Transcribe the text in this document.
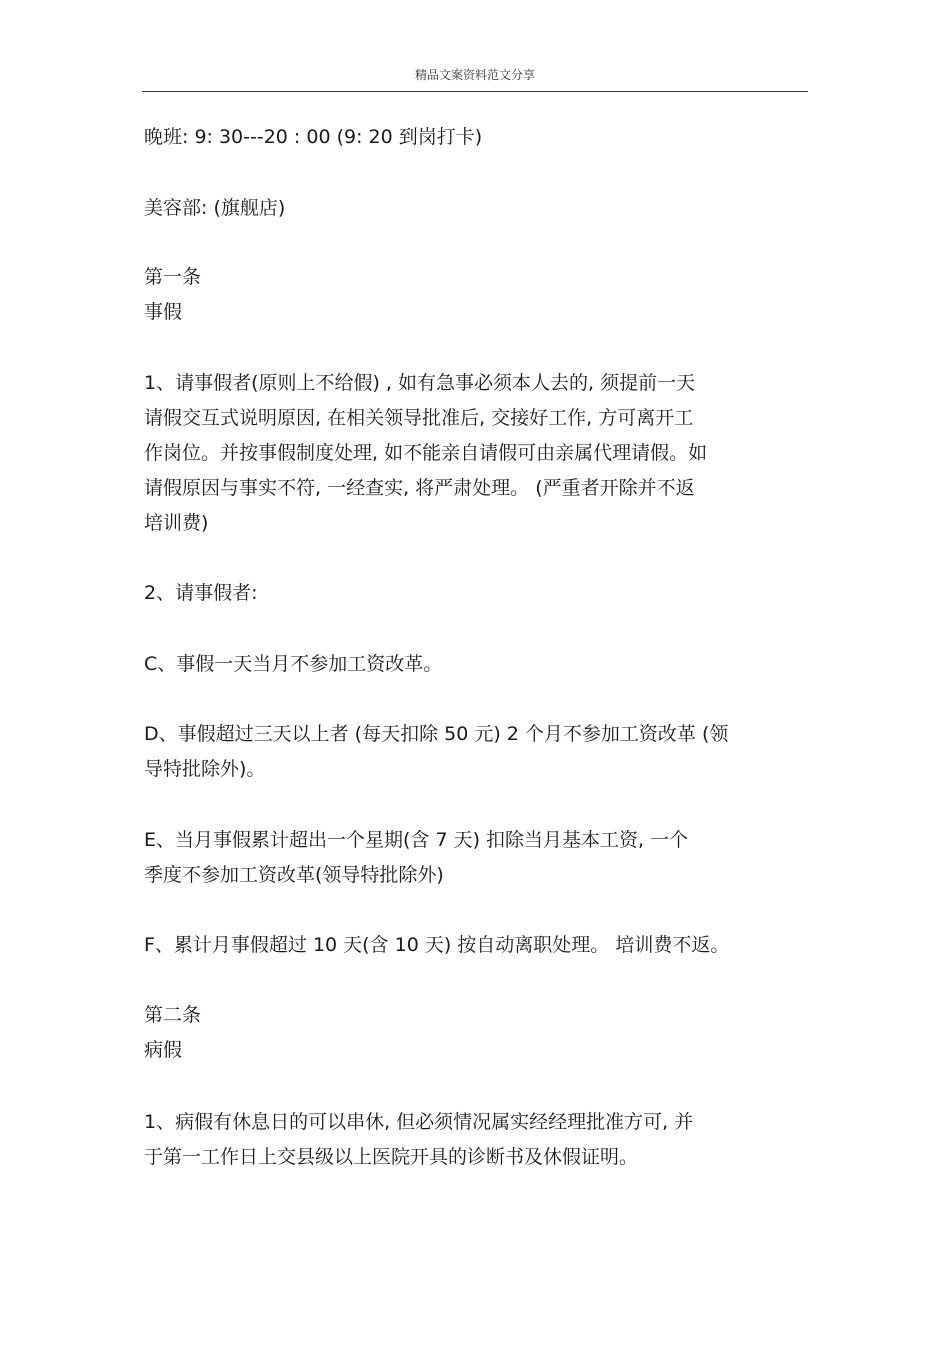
精品文案资料范文分享
晚班: 9: 30---20 : 00 (9: 20 到岗打卡)
美容部: (旗舰店)
第一条
事假
1、请事假者(原则上不给假) , 如有急事必须本人去的, 须提前一天
请假交互式说明原因, 在相关领导批准后, 交接好工作, 方可离开工
作岗位。并按事假制度处理, 如不能亲自请假可由亲属代理请假。如
请假原因与事实不符, 一经查实, 将严肃处理。 (严重者开除并不返
培训费)
2、请事假者:
C、事假一天当月不参加工资改革。
D、事假超过三天以上者 (每天扣除 50 元) 2 个月不参加工资改革 (领
导特批除外)。
E、当月事假累计超出一个星期(含 7 天) 扣除当月基本工资, 一个
季度不参加工资改革(领导特批除外)
F、累计月事假超过 10 天(含 10 天) 按自动离职处理。 培训费不返。
第二条
病假
1、病假有休息日的可以串休, 但必须情况属实经经理批准方可, 并
于第一工作日上交县级以上医院开具的诊断书及休假证明。
